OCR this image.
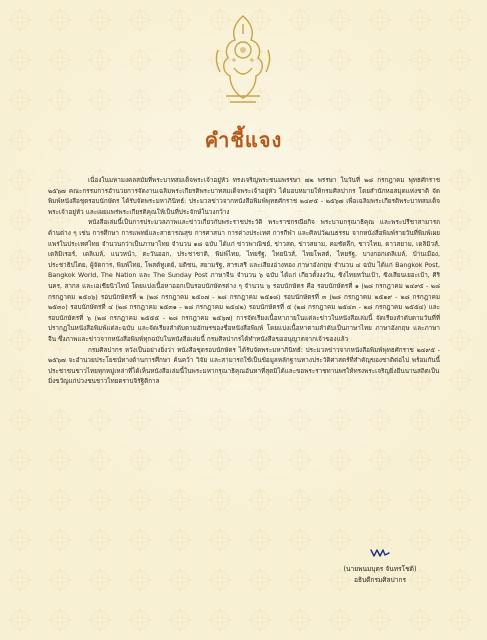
คำชี้แจง

เนื่องในมหามงคลสมัยที่พระบาทสมเด็จพระเจ้าอยู่หัว ทรงเจริญพระชนมพรรษา ๗๒ พรรษา ในวันที่ ๒๘ กรกฎาคม พุทธศักราช ๒๕๖๗ คณะกรรมการอำนวยการจัดงานเฉลิมพระเกียรติพระบาทสมเด็จพระเจ้าอยู่หัว ได้มอบหมายให้กรมศิลปากร โดยสำนักหอสมุดแห่งชาติ จัดพิมพ์หนังสือชุดรอบนักษัตร ได้รับจัดพระมหาภินิทธ์: ประมวลข่าวจากหนังสือพิมพ์พุทธศักราช ๒๔๙๕ - ๒๕๖๗ เพื่อเฉลิมพระเกียรติพระบาทสมเด็จพระเจ้าอยู่หัว และเผยแพร่พระเกียรติคุณให้เป็นที่ประจักษ์ในวงกว้าง

หนังสือเล่มนี้เป็นการประมวลภาพและข่าวเกี่ยวกับพระราชประวัติ พระราชกรณียกิจ พระบามกรุณาธิคุณ และพระปรีชาสามารถด้านต่าง ๆ เช่น การศึกษา การแพทย์และสาธารณสุข การศาสนา การต่างประเทศ การกีฬา และศิลปวัฒนธรรม จากหนังสือพิมพ์รายวันที่พิมพ์เผยแพร่ในประเทศไทย จำนวนกว่าเป็นภาษาไทย จำนวน ๑๘ ฉบับ ได้แก่ ข่าวพาณิชย์, ข่าวสด, ข่าวสยาม, คมชัดลึก, ชาวไทย, ดาวสยาม, เดลิมิวส์, เดลิมิเรอร์, เดลิเมล์, แนวหน้า, ตะวันออก, ประชาชาติ, พิมพ์ไทย, ไทยรัฐ, ไทยนิวส์, ไทยโพสต์, ไทยรัฐ, บางกอกเดลิเมล์, บ้านเมือง, ประชาธิปไตย, ผู้จัดการ, พิมพ์ไทย, โพสต์ทูเดย์, มติชน, สยามรัฐ, สารเสรี และเสียงอ่างทอง ภาษาอังกฤษ จำนวน ๔ ฉบับ ได้แก่ Bangkok Post, Bangkok World, The Nation และ The Sunday Post ภาษาจีน จำนวน ๖ ฉบับ ได้แก่ เกียวตั้งงงวัน, ซิงไทยหวั่นเป้า, ซิงเสียนเยอะเป้า, ศิรินคร, สากล และเอเชียนิวไทม์ โดยแบ่งเนื้อหาออกเป็นรอบนักษัตรต่าง ๆ จำนวน ๖ รอบนักษัตร คือ รอบนักษัตรที่ ๑ (๒๘ กรกฎาคม ๒๔๙๕ - ๒๘ กรกฎาคม ๒๕๐๖) รอบนักษัตรที่ ๒ (๒๘ กรกฎาคม ๒๕๐๗ - ๒๘ กรกฎาคม ๒๕๑๘) รอบนักษัตรที่ ๓ (๒๘ กรกฎาคม ๒๕๑๙ - ๒๘ กรกฎาคม ๒๕๓๐) รอบนักษัตรที่ ๔ (๒๘ กรกฎาคม ๒๕๓๑ - ๒๘ กรกฎาคม ๒๕๔๒) รอบนักษัตรที่ ๕ (๒๘ กรกฎาคม ๒๕๔๓ - ๒๘ กรกฎาคม ๒๕๕๔) และรอบนักษัตรที่ ๖ (๒๘ กรกฎาคม ๒๕๕๕ - ๒๘ กรกฎาคม ๒๕๖๗) การจัดเรียงเนื้อหาภายในแต่ละข่าวในหนังสือเล่มนี้ จัดเรียงลำดับตามวันที่ที่ปรากฏในหนังสือพิมพ์แต่ละฉบับ และจัดเรียงลำดับตามอักษรของชื่อหนังสือพิมพ์ โดยแบ่งเนื้อหาตามลำดับเป็นภาษาไทย ภาษาอังกฤษ และภาษาจีน ซึ่งภาพและข่าวจากหนังสือพิมพ์ทุกฉบับในหนังสือเล่มนี้ กรมศิลปากรได้ทำหนังสือขออนุญาตจากเจ้าของแล้ว

กรมศิลปากร หวังเป็นอย่างยิ่งว่า หนังสือชุดรอบนักษัตร ได้รับจัดพระมหาภินิทธ์: ประมวลข่าวจากหนังสือพิมพ์พุทธศักราช ๒๔๙๕ - ๒๕๖๗ จะอำนวยประโยชน์ทางด้านการศึกษา ค้นคว้า วิจัย และสามารถใช้เป็นข้อมูลหลักฐานทางประวัติศาสตร์ที่สำคัญของชาติต่อไป พร้อมกันนี้ประชาชนชาวไทยทุกหมู่เหล่าที่ได้เห็นหนังสือเล่มนี้ในพระมหากรุณาธิคุณอันหาที่สุดมิได้และขอพระราชทานพรให้ทรงพระเจริญยิ่งยืนนานสถิตเป็นมิ่งขวัญแก่ปวงชนชาวไทยตราบจิรัฐิติกาล

(นายพนมบุตร จันทรโชติ)
อธิบดีกรมศิลปากร
